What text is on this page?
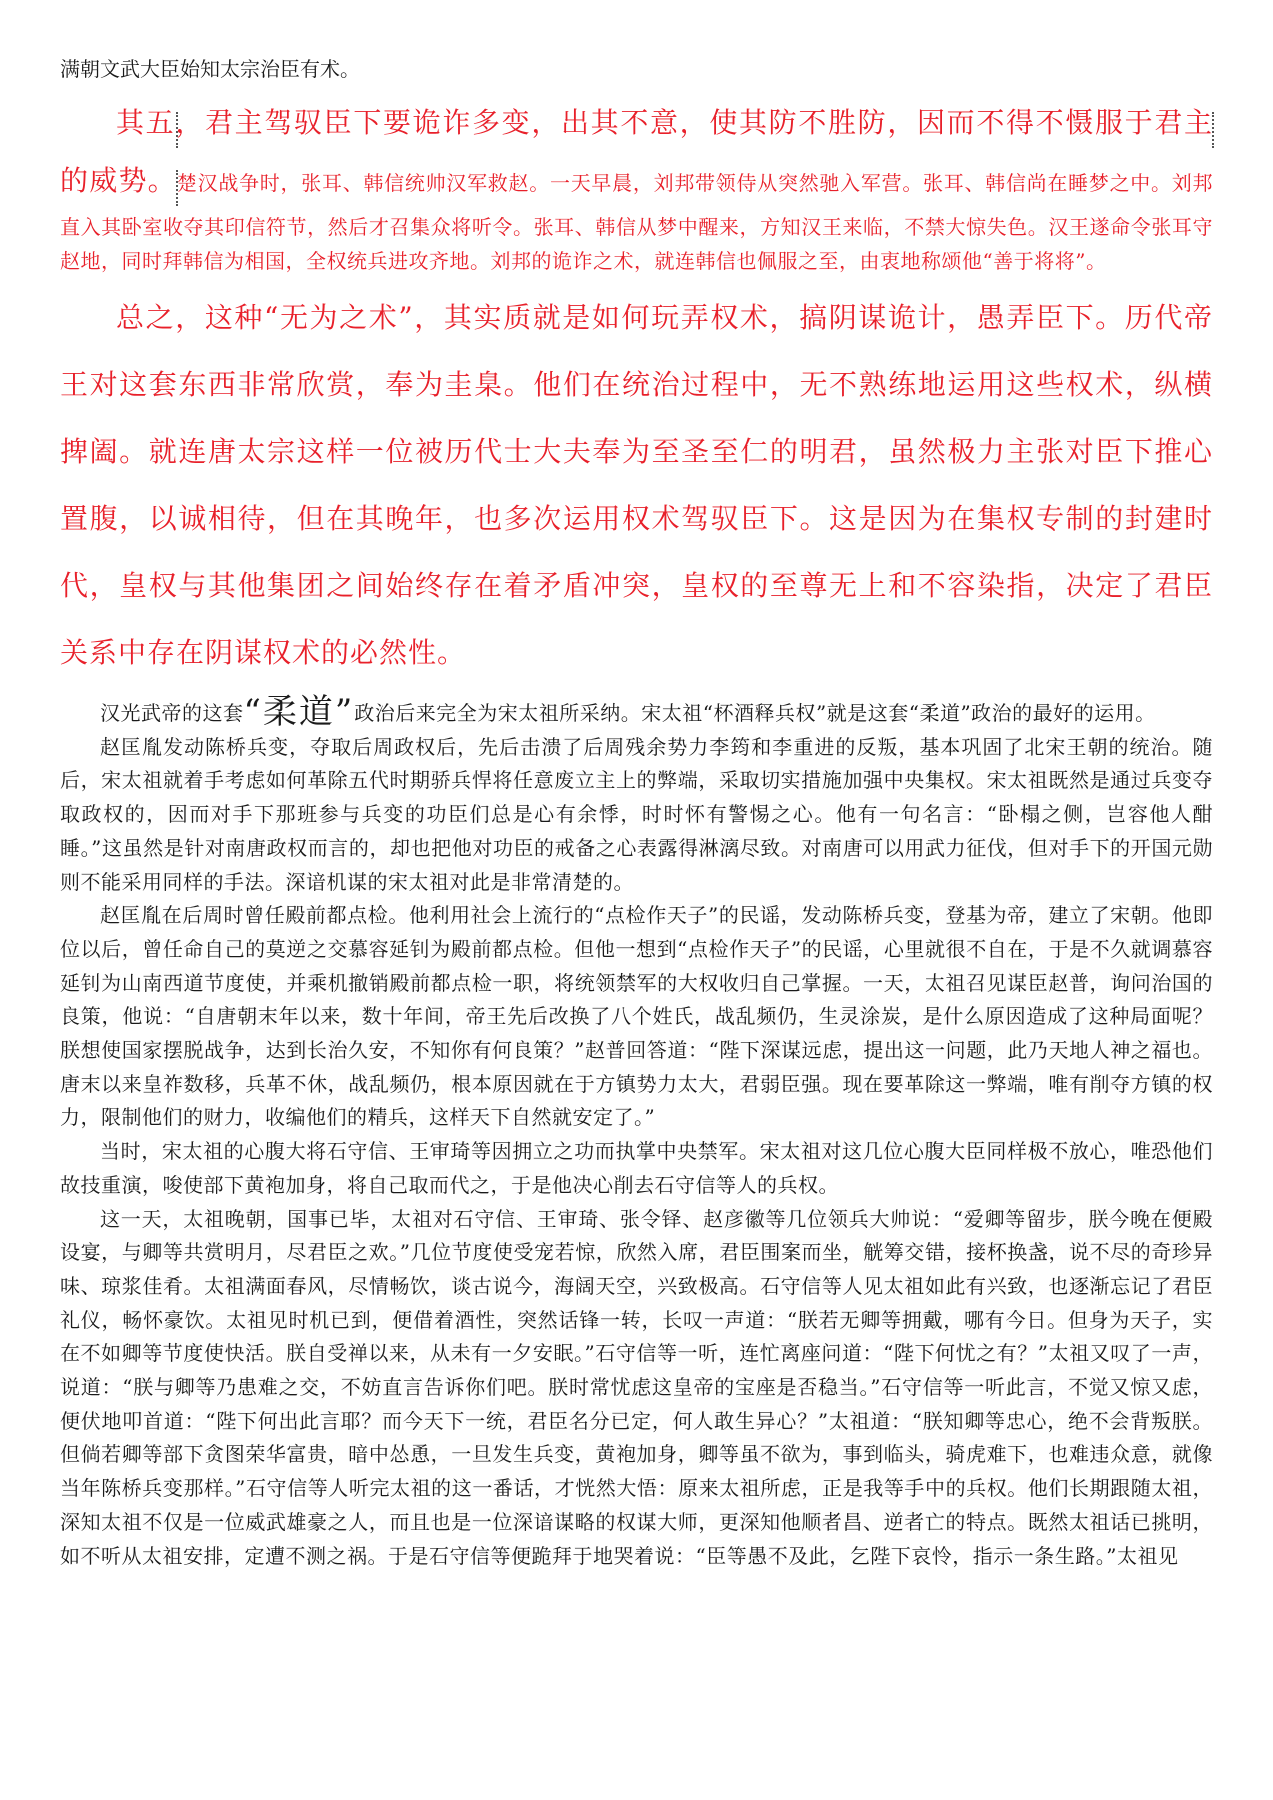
满朝文武大臣始知太宗治臣有术。

其五，君主驾驭臣下要诡诈多变，出其不意，使其防不胜防，因而不得不慑服于君主的威势。楚汉战争时，张耳、韩信统帅汉军救赵。一天早晨，刘邦带领侍从突然驰入军营。张耳、韩信尚在睡梦之中。刘邦直入其卧室收夺其印信符节，然后才召集众将听令。张耳、韩信从梦中醒来，方知汉王来临，不禁大惊失色。汉王遂命令张耳守赵地，同时拜韩信为相国，全权统兵进攻齐地。刘邦的诡诈之术，就连韩信也佩服之至，由衷地称颂他“善于将将”。

总之，这种“无为之术”，其实质就是如何玩弄权术，搞阴谋诡计，愚弄臣下。历代帝王对这套东西非常欣赏，奉为圭臬。他们在统治过程中，无不熟练地运用这些权术，纵横捭阖。就连唐太宗这样一位被历代士大夫奉为至圣至仁的明君，虽然极力主张对臣下推心置腹，以诚相待，但在其晚年，也多次运用权术驾驭臣下。这是因为在集权专制的封建时代，皇权与其他集团之间始终存在着矛盾冲突，皇权的至尊无上和不容染指，决定了君臣关系中存在阴谋权术的必然性。

汉光武帝的这套“柔道”政治后来完全为宋太祖所采纳。宋太祖“杯酒释兵权”就是这套“柔道”政治的最好的运用。

赵匡胤发动陈桥兵变，夺取后周政权后，先后击溃了后周残余势力李筠和李重进的反叛，基本巩固了北宋王朝的统治。随后，宋太祖就着手考虑如何革除五代时期骄兵悍将任意废立主上的弊端，采取切实措施加强中央集权。宋太祖既然是通过兵变夺取政权的，因而对手下那班参与兵变的功臣们总是心有余悸，时时怀有警惕之心。他有一句名言：“卧榻之侧，岂容他人酣睡。”这虽然是针对南唐政权而言的，却也把他对功臣的戒备之心表露得淋漓尽致。对南唐可以用武力征伐，但对手下的开国元勋则不能采用同样的手法。深谙机谋的宋太祖对此是非常清楚的。

赵匡胤在后周时曾任殿前都点检。他利用社会上流行的“点检作天子”的民谣，发动陈桥兵变，登基为帝，建立了宋朝。他即位以后，曾任命自己的莫逆之交慕容延钊为殿前都点检。但他一想到“点检作天子”的民谣，心里就很不自在，于是不久就调慕容延钊为山南西道节度使，并乘机撤销殿前都点检一职，将统领禁军的大权收归自己掌握。一天，太祖召见谋臣赵普，询问治国的良策，他说：“自唐朝末年以来，数十年间，帝王先后改换了八个姓氏，战乱频仍，生灵涂炭，是什么原因造成了这种局面呢？朕想使国家摆脱战争，达到长治久安，不知你有何良策？”赵普回答道：“陛下深谋远虑，提出这一问题，此乃天地人神之福也。唐末以来皇祚数移，兵革不休，战乱频仍，根本原因就在于方镇势力太大，君弱臣强。现在要革除这一弊端，唯有削夺方镇的权力，限制他们的财力，收编他们的精兵，这样天下自然就安定了。”

当时，宋太祖的心腹大将石守信、王审琦等因拥立之功而执掌中央禁军。宋太祖对这几位心腹大臣同样极不放心，唯恐他们故技重演，唆使部下黄袍加身，将自己取而代之，于是他决心削去石守信等人的兵权。

这一天，太祖晚朝，国事已毕，太祖对石守信、王审琦、张令铎、赵彦徽等几位领兵大帅说：“爱卿等留步，朕今晚在便殿设宴，与卿等共赏明月，尽君臣之欢。”几位节度使受宠若惊，欣然入席，君臣围案而坐，觥筹交错，接杯换盏，说不尽的奇珍异味、琼浆佳肴。太祖满面春风，尽情畅饮，谈古说今，海阔天空，兴致极高。石守信等人见太祖如此有兴致，也逐渐忘记了君臣礼仪，畅怀豪饮。太祖见时机已到，便借着酒性，突然话锋一转，长叹一声道：“朕若无卿等拥戴，哪有今日。但身为天子，实在不如卿等节度使快活。朕自受禅以来，从未有一夕安眠。”石守信等一听，连忙离座问道：“陛下何忧之有？”太祖又叹了一声，说道：“朕与卿等乃患难之交，不妨直言告诉你们吧。朕时常忧虑这皇帝的宝座是否稳当。”石守信等一听此言，不觉又惊又虑，便伏地叩首道：“陛下何出此言耶？而今天下一统，君臣名分已定，何人敢生异心？”太祖道：“朕知卿等忠心，绝不会背叛朕。但倘若卿等部下贪图荣华富贵，暗中怂恿，一旦发生兵变，黄袍加身，卿等虽不欲为，事到临头，骑虎难下，也难违众意，就像当年陈桥兵变那样。”石守信等人听完太祖的这一番话，才恍然大悟：原来太祖所虑，正是我等手中的兵权。他们长期跟随太祖，深知太祖不仅是一位威武雄豪之人，而且也是一位深谙谋略的权谋大师，更深知他顺者昌、逆者亡的特点。既然太祖话已挑明，如不听从太祖安排，定遭不测之祸。于是石守信等便跪拜于地哭着说：“臣等愚不及此，乞陛下哀怜，指示一条生路。”太祖见
